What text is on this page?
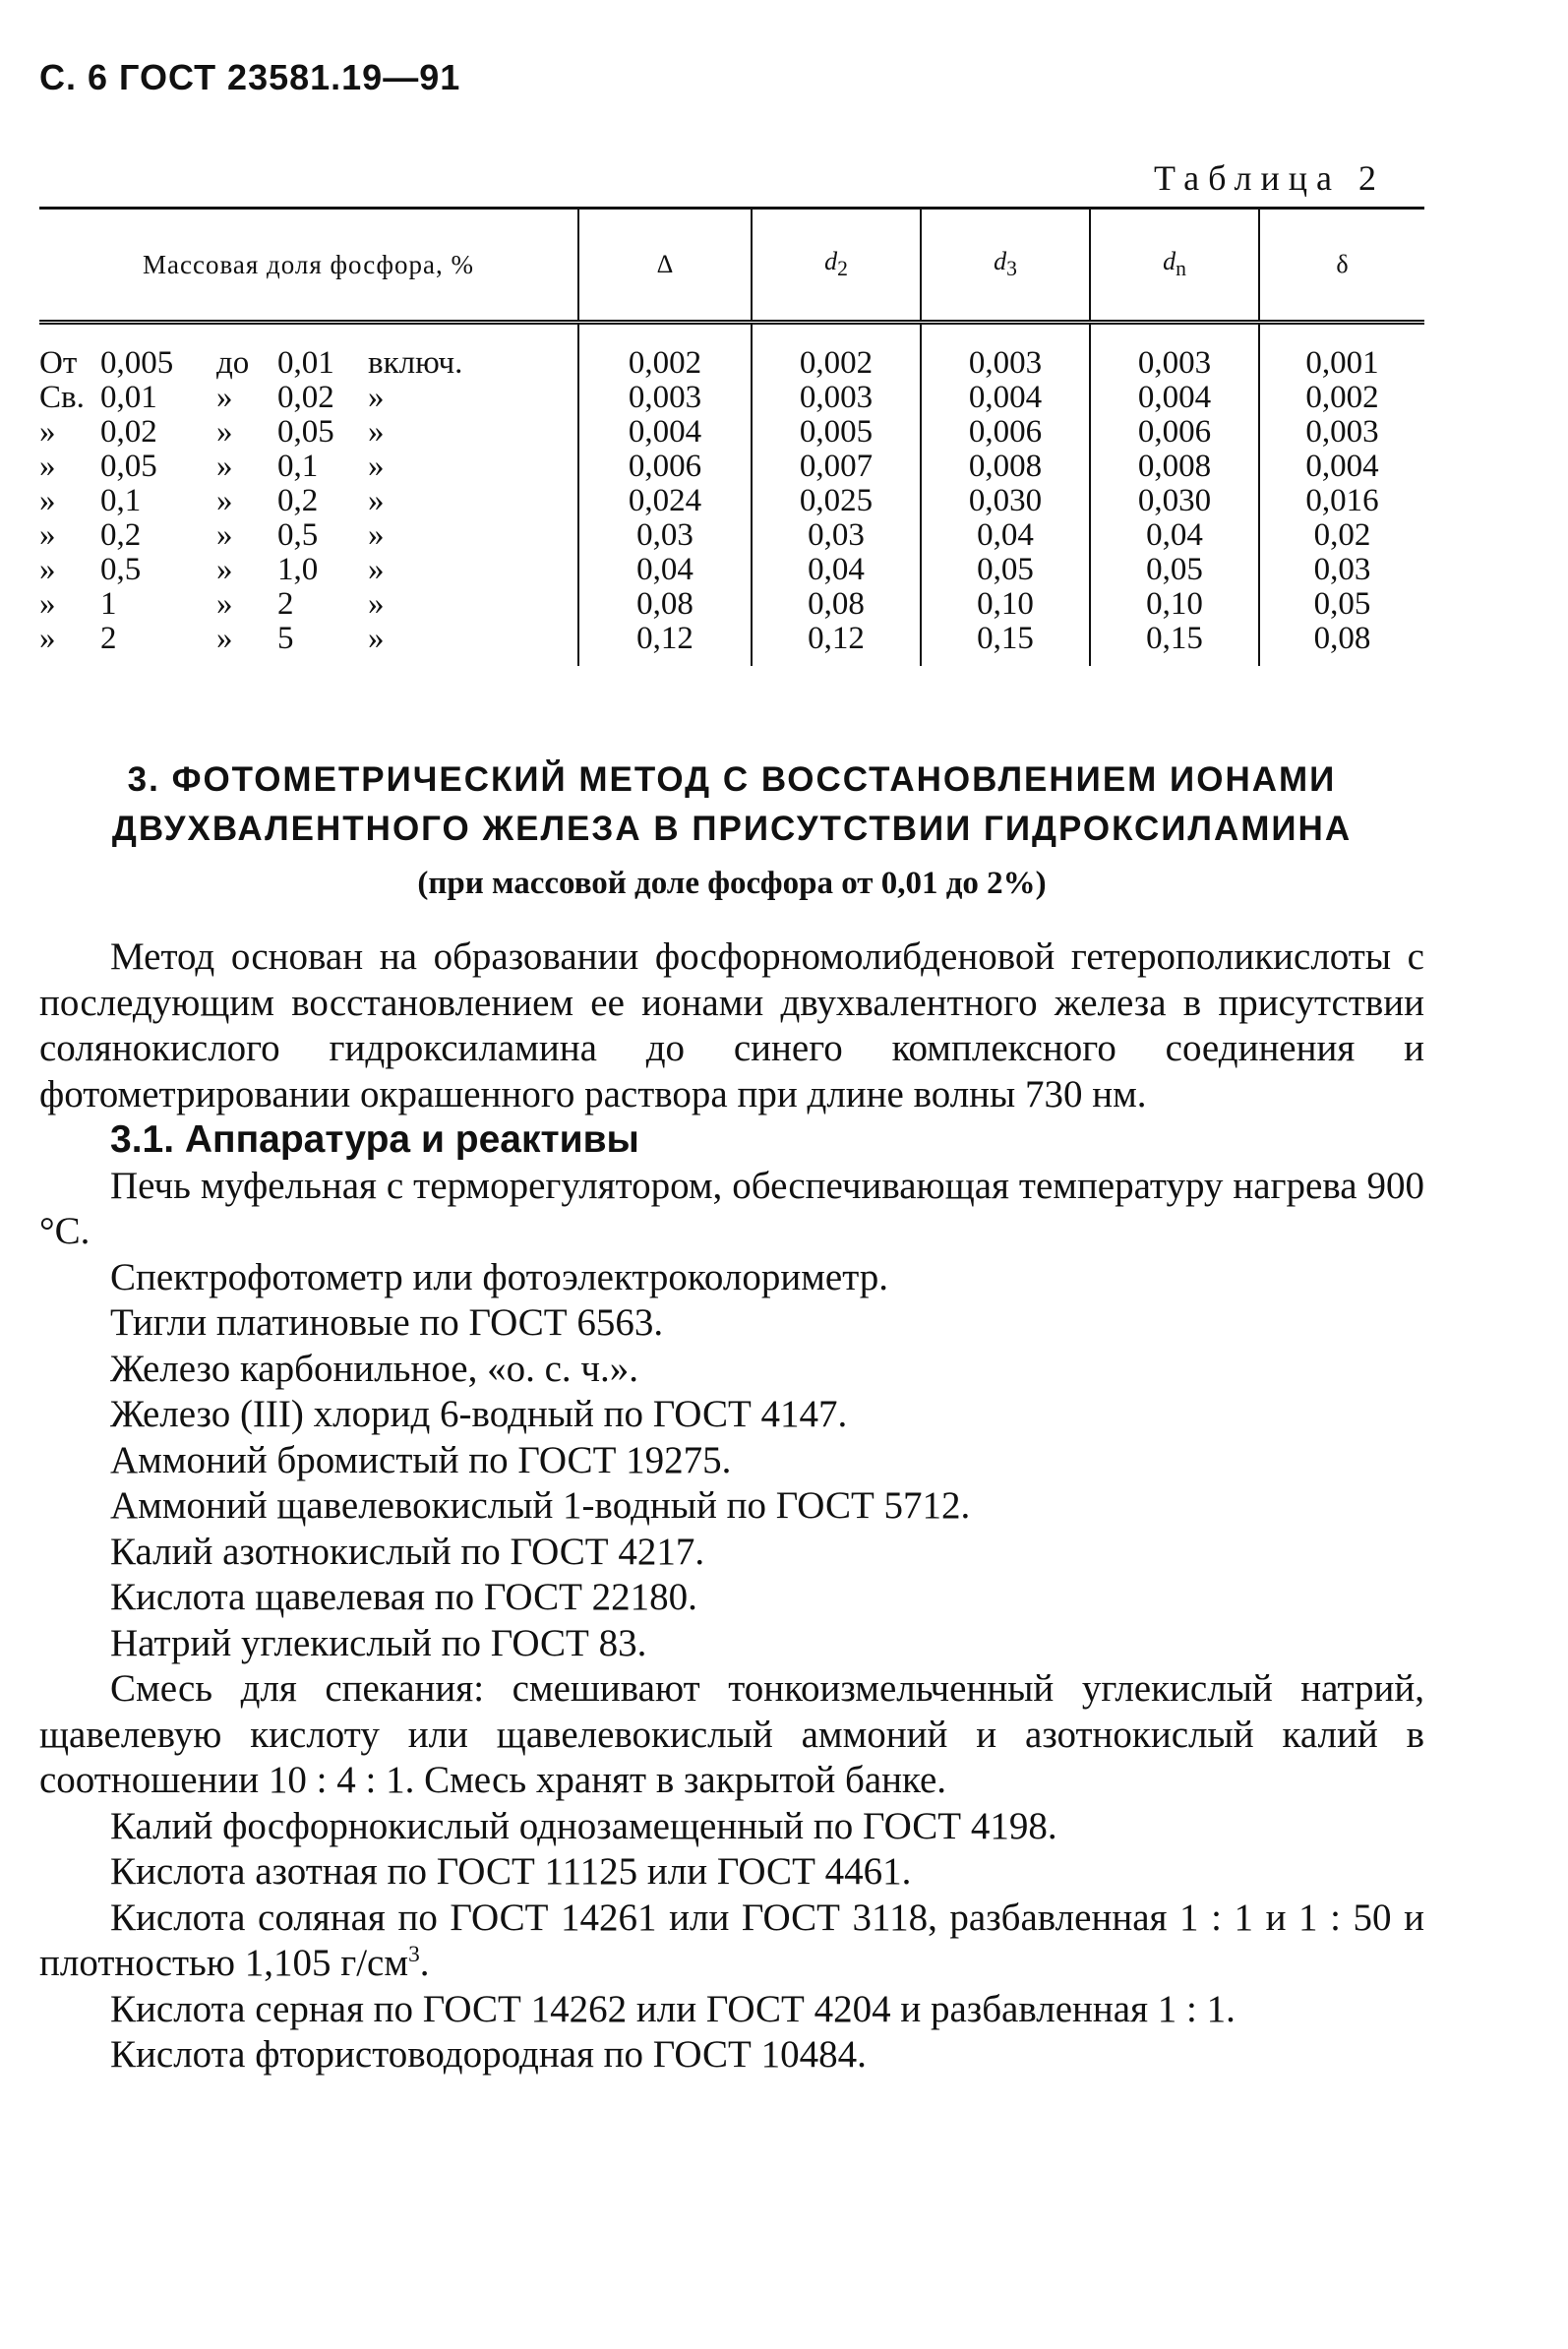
С. 6 ГОСТ 23581.19—91
Таблица 2
Массовая доля фосфора, %	Δ	$d_2$	$d_3$	$d_n$	δ
От 0,005 до 0,01 включ.	0,002	0,002	0,003	0,003	0,001
Св. 0,01 » 0,02 »	0,003	0,003	0,004	0,004	0,002
» 0,02 » 0,05 »	0,004	0,005	0,006	0,006	0,003
» 0,05 » 0,1 »	0,006	0,007	0,008	0,008	0,004
» 0,1 » 0,2 »	0,024	0,025	0,030	0,030	0,016
» 0,2 » 0,5 »	0,03	0,03	0,04	0,04	0,02
» 0,5 » 1,0 »	0,04	0,04	0,05	0,05	0,03
» 1 » 2 »	0,08	0,08	0,10	0,10	0,05
» 2 » 5 »	0,12	0,12	0,15	0,15	0,08
3. ФОТОМЕТРИЧЕСКИЙ МЕТОД С ВОССТАНОВЛЕНИЕМ ИОНАМИ
ДВУХВАЛЕНТНОГО ЖЕЛЕЗА В ПРИСУТСТВИИ ГИДРОКСИЛАМИНА
(при массовой доле фосфора от 0,01 до 2%)

Метод основан на образовании фосфорномолибденовой гетерополикислоты с последующим восстановлением ее ионами двухвалентного железа в присутствии солянокислого гидроксиламина до синего комплексного соединения и фотометрировании окрашенного раствора при длине волны 730 нм.

3.1. Аппаратура и реактивы

Печь муфельная с терморегулятором, обеспечивающая температуру нагрева 900 °С.

Спектрофотометр или фотоэлектроколориметр.

Тигли платиновые по ГОСТ 6563.

Железо карбонильное, «о. с. ч.».

Железо (III) хлорид 6-водный по ГОСТ 4147.

Аммоний бромистый по ГОСТ 19275.

Аммоний щавелевокислый 1-водный по ГОСТ 5712.

Калий азотнокислый по ГОСТ 4217.

Кислота щавелевая по ГОСТ 22180.

Натрий углекислый по ГОСТ 83.

Смесь для спекания: смешивают тонкоизмельченный углекислый натрий, щавелевую кислоту или щавелевокислый аммоний и азотнокислый калий в соотношении 10 : 4 : 1. Смесь хранят в закрытой банке.

Калий фосфорнокислый однозамещенный по ГОСТ 4198.

Кислота азотная по ГОСТ 11125 или ГОСТ 4461.

Кислота соляная по ГОСТ 14261 или ГОСТ 3118, разбавленная 1 : 1 и 1 : 50 и плотностью 1,105 $г/см^3$.

Кислота серная по ГОСТ 14262 или ГОСТ 4204 и разбавленная 1 : 1.

Кислота фтористоводородная по ГОСТ 10484.
